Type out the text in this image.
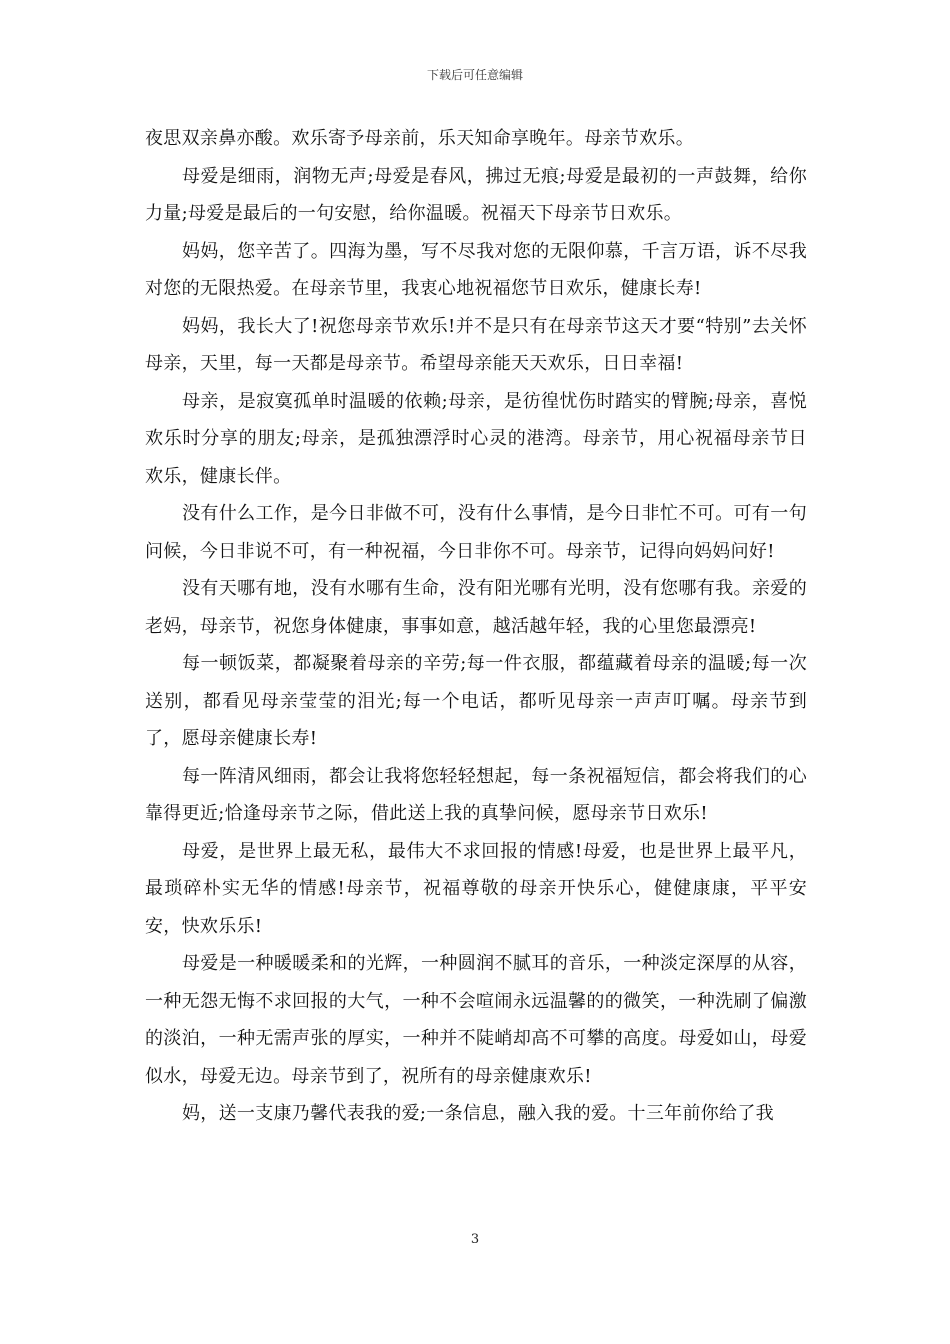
下载后可任意编辑

夜思双亲鼻亦酸。欢乐寄予母亲前，乐天知命享晚年。母亲节欢乐。

母爱是细雨，润物无声;母爱是春风，拂过无痕;母爱是最初的一声鼓舞，给你力量;母爱是最后的一句安慰，给你温暖。祝福天下母亲节日欢乐。

妈妈，您辛苦了。四海为墨，写不尽我对您的无限仰慕，千言万语，诉不尽我对您的无限热爱。在母亲节里，我衷心地祝福您节日欢乐，健康长寿!

妈妈，我长大了!祝您母亲节欢乐!并不是只有在母亲节这天才要“特别”去关怀母亲，天里，每一天都是母亲节。希望母亲能天天欢乐，日日幸福!

母亲，是寂寞孤单时温暖的依赖;母亲，是彷徨忧伤时踏实的臂腕;母亲，喜悦欢乐时分享的朋友;母亲，是孤独漂浮时心灵的港湾。母亲节，用心祝福母亲节日欢乐，健康长伴。

没有什么工作，是今日非做不可，没有什么事情，是今日非忙不可。可有一句问候，今日非说不可，有一种祝福，今日非你不可。母亲节，记得向妈妈问好!

没有天哪有地，没有水哪有生命，没有阳光哪有光明，没有您哪有我。亲爱的老妈，母亲节，祝您身体健康，事事如意，越活越年轻，我的心里您最漂亮!

每一顿饭菜，都凝聚着母亲的辛劳;每一件衣服，都蕴藏着母亲的温暖;每一次送别，都看见母亲莹莹的泪光;每一个电话，都听见母亲一声声叮嘱。母亲节到了，愿母亲健康长寿!

每一阵清风细雨，都会让我将您轻轻想起，每一条祝福短信，都会将我们的心靠得更近;恰逢母亲节之际，借此送上我的真挚问候，愿母亲节日欢乐!

母爱，是世界上最无私，最伟大不求回报的情感!母爱，也是世界上最平凡，最琐碎朴实无华的情感!母亲节，祝福尊敬的母亲开快乐心，健健康康，平平安安，快欢乐乐!

母爱是一种暖暖柔和的光辉，一种圆润不腻耳的音乐，一种淡定深厚的从容，一种无怨无悔不求回报的大气，一种不会喧闹永远温馨的的微笑，一种洗刷了偏激的淡泊，一种无需声张的厚实，一种并不陡峭却高不可攀的高度。母爱如山，母爱似水，母爱无边。母亲节到了，祝所有的母亲健康欢乐!

妈，送一支康乃馨代表我的爱;一条信息，融入我的爱。十三年前你给了我

3
